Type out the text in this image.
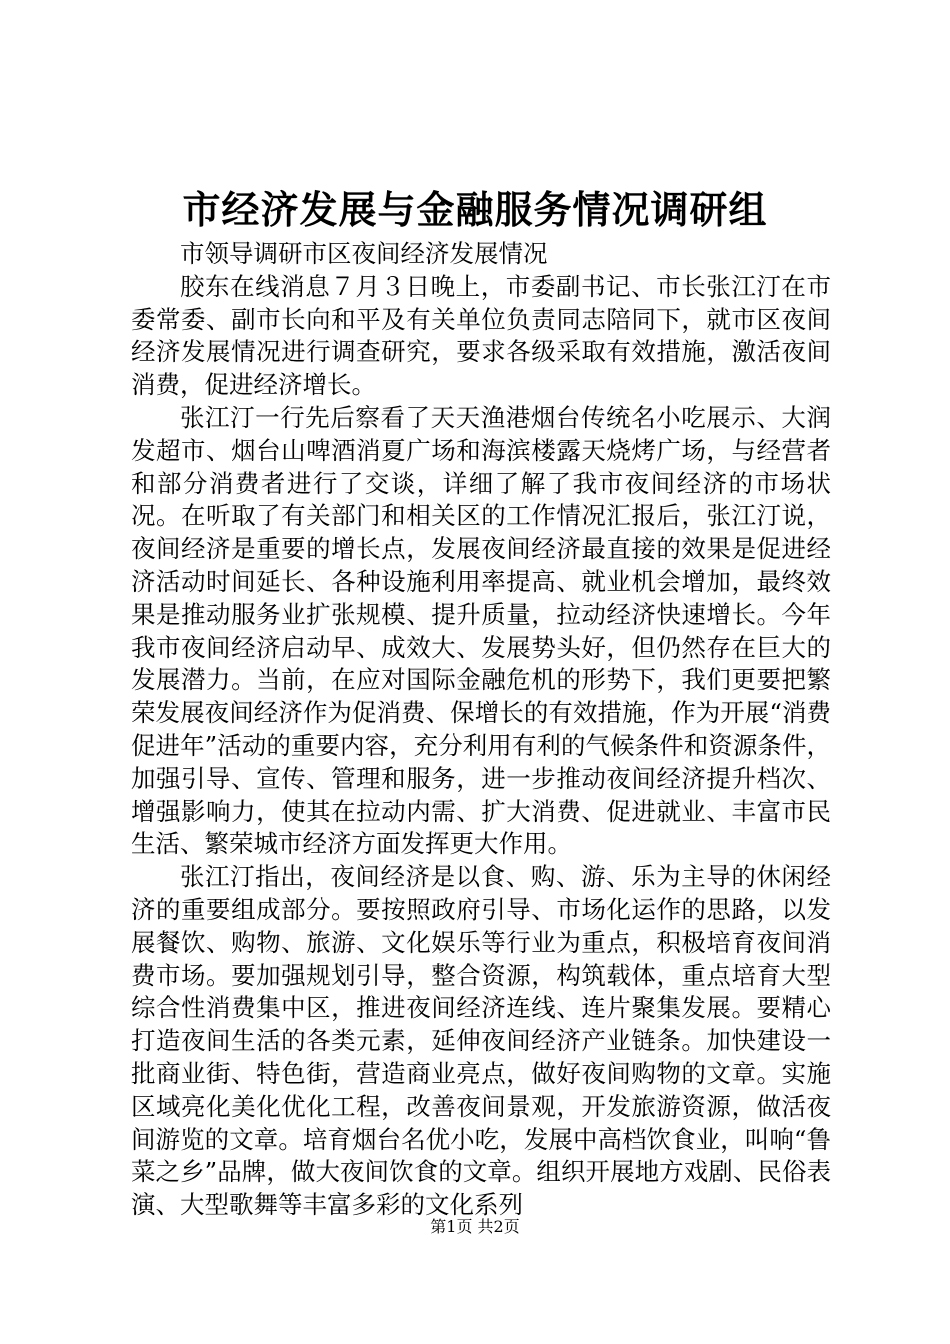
市经济发展与金融服务情况调研组

市领导调研市区夜间经济发展情况

胶东在线消息７月３日晚上，市委副书记、市长张江汀在市委常委、副市长向和平及有关单位负责同志陪同下，就市区夜间经济发展情况进行调查研究，要求各级采取有效措施，激活夜间消费，促进经济增长。

张江汀一行先后察看了天天渔港烟台传统名小吃展示、大润发超市、烟台山啤酒消夏广场和海滨楼露天烧烤广场，与经营者和部分消费者进行了交谈，详细了解了我市夜间经济的市场状况。在听取了有关部门和相关区的工作情况汇报后，张江汀说，夜间经济是重要的增长点，发展夜间经济最直接的效果是促进经济活动时间延长、各种设施利用率提高、就业机会增加，最终效果是推动服务业扩张规模、提升质量，拉动经济快速增长。今年我市夜间经济启动早、成效大、发展势头好，但仍然存在巨大的发展潜力。当前，在应对国际金融危机的形势下，我们更要把繁荣发展夜间经济作为促消费、保增长的有效措施，作为开展“消费促进年”活动的重要内容，充分利用有利的气候条件和资源条件，加强引导、宣传、管理和服务，进一步推动夜间经济提升档次、增强影响力，使其在拉动内需、扩大消费、促进就业、丰富市民生活、繁荣城市经济方面发挥更大作用。

张江汀指出，夜间经济是以食、购、游、乐为主导的休闲经济的重要组成部分。要按照政府引导、市场化运作的思路，以发展餐饮、购物、旅游、文化娱乐等行业为重点，积极培育夜间消费市场。要加强规划引导，整合资源，构筑载体，重点培育大型综合性消费集中区，推进夜间经济连线、连片聚集发展。要精心打造夜间生活的各类元素，延伸夜间经济产业链条。加快建设一批商业街、特色街，营造商业亮点，做好夜间购物的文章。实施区域亮化美化优化工程，改善夜间景观，开发旅游资源，做活夜间游览的文章。培育烟台名优小吃，发展中高档饮食业，叫响“鲁菜之乡”品牌，做大夜间饮食的文章。组织开展地方戏剧、民俗表演、大型歌舞等丰富多彩的文化系列

第1页 共2页
